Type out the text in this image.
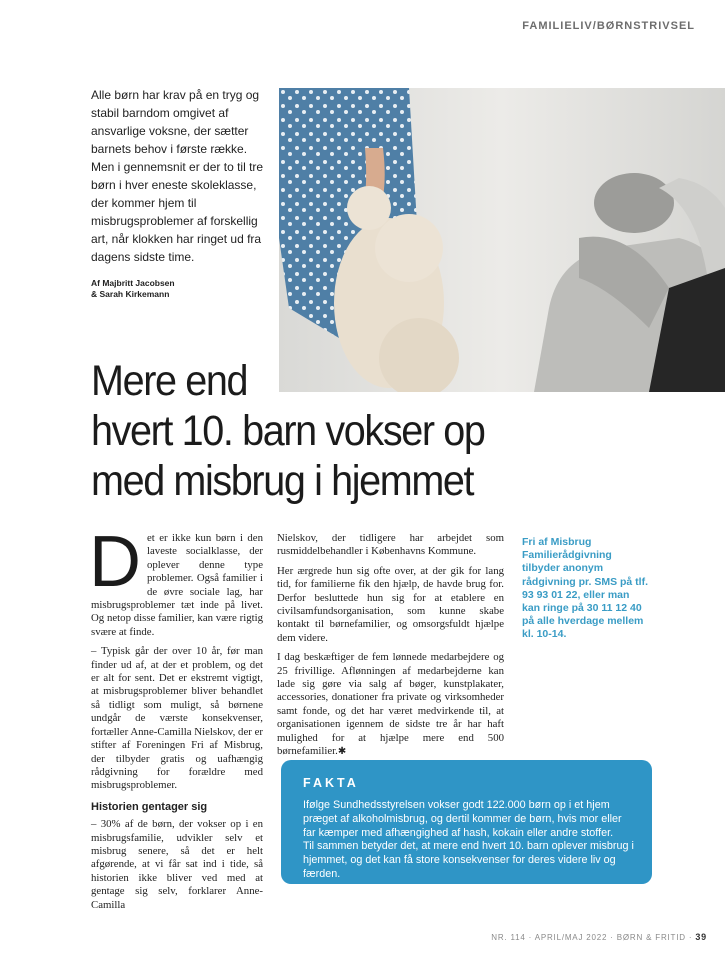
FAMILIELIV/BØRNSTRIVSEL
Alle børn har krav på en tryg og stabil barndom omgivet af ansvarlige voksne, der sætter barnets behov i første række. Men i gennemsnit er der to til tre børn i hver eneste skoleklasse, der kommer hjem til misbrugsproblemer af forskellig art, når klokken har ringet ud fra dagens sidste time.
Af Majbritt Jacobsen
& Sarah Kirkemann
Mere end
hvert 10. barn vokser op
med misbrug i hjemmet

Det er ikke kun børn i den laveste socialklasse, der oplever denne type problemer. Også familier i de øvre sociale lag, har misbrugsproblemer tæt inde på livet. Og netop disse familier, kan være rigtig svære at finde.

– Typisk går der over 10 år, før man finder ud af, at der et problem, og det er alt for sent. Det er ekstremt vigtigt, at misbrugsproblemer bliver behandlet så tidligt som muligt, så børnene undgår de værste konsekvenser, fortæller Anne-Camilla Nielskov, der er stifter af Foreningen Fri af Misbrug, der tilbyder gratis og uafhængig rådgivning for forældre med misbrugsproblemer.

Historien gentager sig

– 30% af de børn, der vokser op i en misbrugsfamilie, udvikler selv et misbrug senere, så det er helt afgørende, at vi får sat ind i tide, så historien ikke bliver ved med at gentage sig selv, forklarer Anne-Camilla

Nielskov, der tidligere har arbejdet som rusmiddelbehandler i Københavns Kommune.

Her ærgrede hun sig ofte over, at der gik for lang tid, for familierne fik den hjælp, de havde brug for. Derfor besluttede hun sig for at etablere en civilsamfundsorganisation, som kunne skabe kontakt til børnefamilier, og omsorgsfuldt hjælpe dem videre.

I dag beskæftiger de fem lønnede medarbejdere og 25 frivillige. Aflønningen af medarbejderne kan lade sig gøre via salg af bøger, kunstplakater, accessories, donationer fra private og virksomheder samt fonde, og det har været medvirkende til, at organisationen igennem de sidste tre år har haft mulighed for at hjælpe mere end 500 børnefamilier.✱

Fri af Misbrug Familierådgivning tilbyder anonym rådgivning pr. SMS på tlf. 93 93 01 22, eller man kan ringe på 30 11 12 40 på alle hverdage mellem kl. 10-14.
FAKTA
Ifølge Sundhedsstyrelsen vokser godt 122.000 børn op i et hjem præget af alkoholmisbrug, og dertil kommer de børn, hvis mor eller far kæmper med afhængighed af hash, kokain eller andre stoffer.
Til sammen betyder det, at mere end hvert 10. barn oplever misbrug i hjemmet, og det kan få store konsekvenser for deres videre liv og færden.
NR. 114 · APRIL/MAJ 2022 · BØRN & FRITID · 39
